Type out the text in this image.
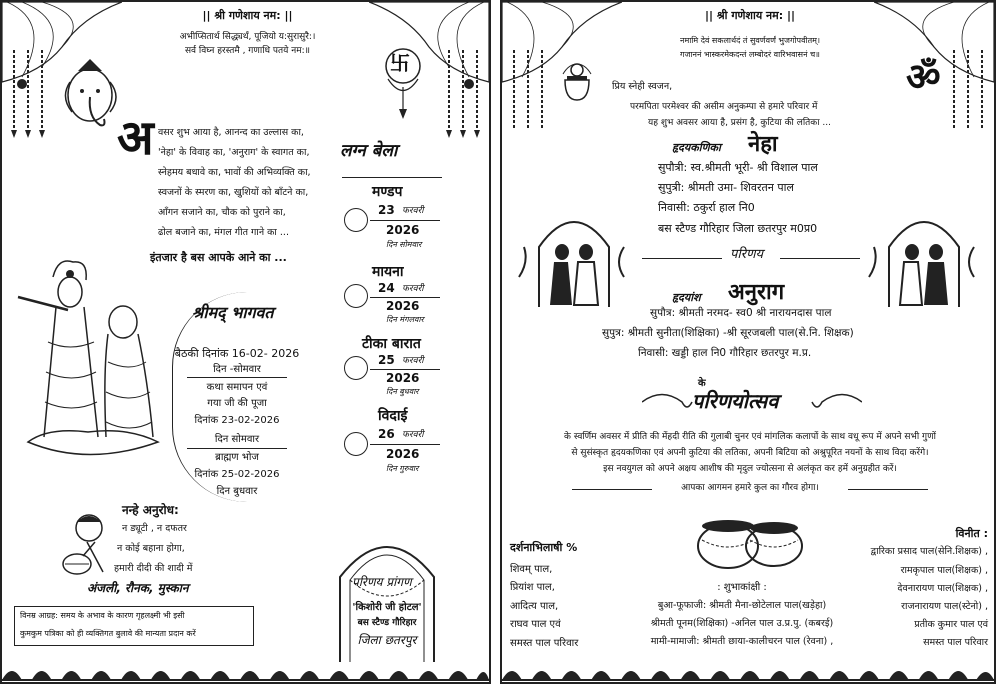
|| श्री गणेशाय नम: ||
अभीप्सितार्थ सिद्ध्यर्थं, पूजियो य:सुरासुरै:।
सर्व विघ्न हरस्तमै , गणाधि पतये नम:॥	卐
अ वसर शुभ आया है, आनन्द का उल्लास का,
'नेहा' के विवाह का, 'अनुराग' के स्वागत का,
स्नेहमय बधावे का, भावों की अभिव्यक्ति का,
स्वजनों के स्मरण का, खुशियों को बाँटने का,
आँगन सजाने का, चौक को पुराने का,
ढोल बजाने का, मंगल गीत गाने का ...
इंतजार है बस आपके आने का ...
लग्न बेला
मण्डप
23 फरवरी
2026
दिन सोमवार
मायना
24 फरवरी
2026
दिन मंगलवार
टीका बारात
25 फरवरी
2026
दिन बुधवार
विदाई
26 फरवरी
2026
दिन गुरुवार
श्रीमद् भागवत
बैठकी दिनांक 16-02- 2026
दिन -सोमवार
कथा समापन एवं
गया जी की पूजा
दिनांक 23-02-2026
दिन सोमवार
ब्राह्मण भोज
दिनांक 25-02-2026
दिन बुधवार
नन्हे अनुरोध:
न ड्यूटी , न दफतर
न कोई बहाना होगा,
हमारी दीदी की शादी में
अंजली, रौनक, मुस्कान
विनम्र आग्रह: समय के अभाव के कारण गृहलक्ष्मी भी इसी
कुमकुम पत्रिका को ही व्यक्तिगत बुलावे की मान्यता प्रदान करें
परिणय प्रांगण
'किशोरी जी होटल'
बस स्टैण्ड गौरिहार
जिला छतरपुर
|| श्री गणेशाय नम: ||
नमामि देवं सकलार्थदं तं सुवर्णवर्णं भुजगोपवीतम्।
गजाननं भास्करमेकदन्तं लम्बोदरं वारिभवासनं च॥
ॐ
प्रिय स्नेही स्वजन,
परमपिता परमेश्वर की असीम अनुकम्पा से हमारे परिवार में
यह शुभ अवसर आया है, प्रसंग है, कुटिया की लतिका ...
हृदयकणिका नेहा
सुपौत्री: स्व.श्रीमती भूरी- श्री विशाल पाल
सुपुत्री: श्रीमती उमा- शिवरतन पाल
निवासी: ठकुर्रा हाल नि0
बस स्टैण्ड गौरिहार जिला छतरपुर म0प्र0
परिणय
हृदयांश अनुराग
सुपौत्र: श्रीमती नरमद- स्व0 श्री नारायनदास पाल
सुपुत्र: श्रीमती सुनीता(शिक्षिका) -श्री सूरजबली पाल(से.नि. शिक्षक)
निवासी: खड्डी हाल नि0 गौरिहार छतरपुर म.प्र.
के
परिणयोत्सव
के स्वर्णिम अवसर में प्रीति की मेंहदी रीति की गुलाबी चुनर एवं मांगलिक कलापों के साथ वधू रूप में अपने सभी गुणों
से सुसंस्कृत हृदयकणिका एवं अपनी कुटिया की लतिका, अपनी बिटिया को अश्रुपूरित नयनों के साथ विदा करेंगे।
इस नवयुगल को अपने अक्षय आशीष की मृदुल ज्योत्सना से अलंकृत कर हमें अनुग्रहीत करें।
आपका आगमन हमारे कुल का गौरव होगा।
दर्शनाभिलाषी %
शिवम् पाल,
प्रियांश पाल,
आदित्य पाल,
राघव पाल एवं
समस्त पाल परिवार
: शुभाकांक्षी :
बुआ-फूफाजी: श्रीमती मैना-छोटेलाल पाल(खड़ेहा)
श्रीमती पूनम(शिक्षिका) -अनिल पाल उ.प्र.पु. (कबरई)
मामी-मामाजी: श्रीमती छाया-कालीचरन पाल (रेवना) ,
विनीत :
द्वारिका प्रसाद पाल(सेनि.शिक्षक) ,
रामकृपाल पाल(शिक्षक) ,
देवनारायण पाल(शिक्षक) ,
राजनारायण पाल(स्टेनो) ,
प्रतीक कुमार पाल एवं
समस्त पाल परिवार
